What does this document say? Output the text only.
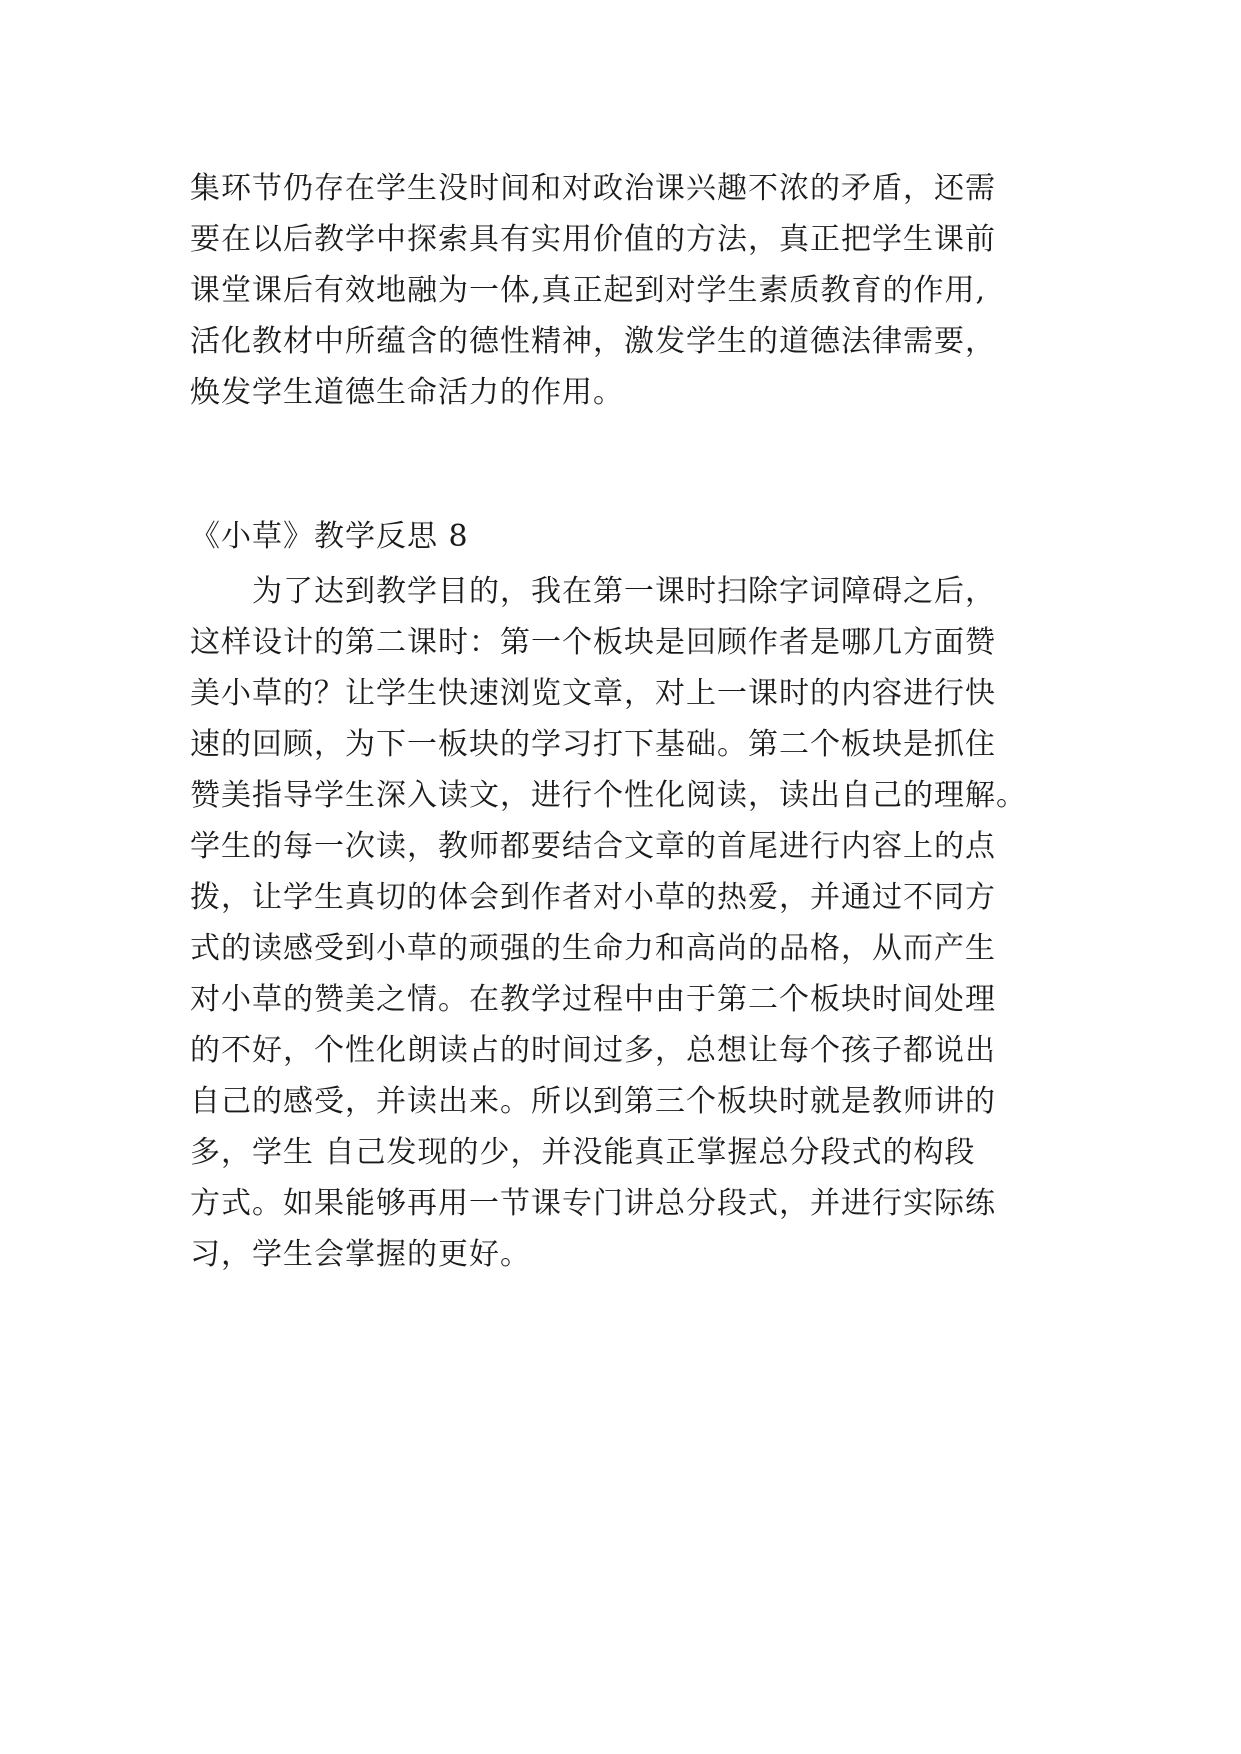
集环节仍存在学生没时间和对政治课兴趣不浓的矛盾，还需
要在以后教学中探索具有实用价值的方法，真正把学生课前
课堂课后有效地融为一体,真正起到对学生素质教育的作用,
活化教材中所蕴含的德性精神，激发学生的道德法律需要，
焕发学生道德生命活力的作用。
《小草》教学反思 8
　　为了达到教学目的，我在第一课时扫除字词障碍之后，
这样设计的第二课时：第一个板块是回顾作者是哪几方面赞
美小草的？让学生快速浏览文章，对上一课时的内容进行快
速的回顾，为下一板块的学习打下基础。第二个板块是抓住
赞美指导学生深入读文，进行个性化阅读，读出自己的理解。
学生的每一次读，教师都要结合文章的首尾进行内容上的点
拨，让学生真切的体会到作者对小草的热爱，并通过不同方
式的读感受到小草的顽强的生命力和高尚的品格，从而产生
对小草的赞美之情。在教学过程中由于第二个板块时间处理
的不好，个性化朗读占的时间过多，总想让每个孩子都说出
自己的感受，并读出来。所以到第三个板块时就是教师讲的
多，学生 自己发现的少，并没能真正掌握总分段式的构段
方式。如果能够再用一节课专门讲总分段式，并进行实际练
习，学生会掌握的更好。
